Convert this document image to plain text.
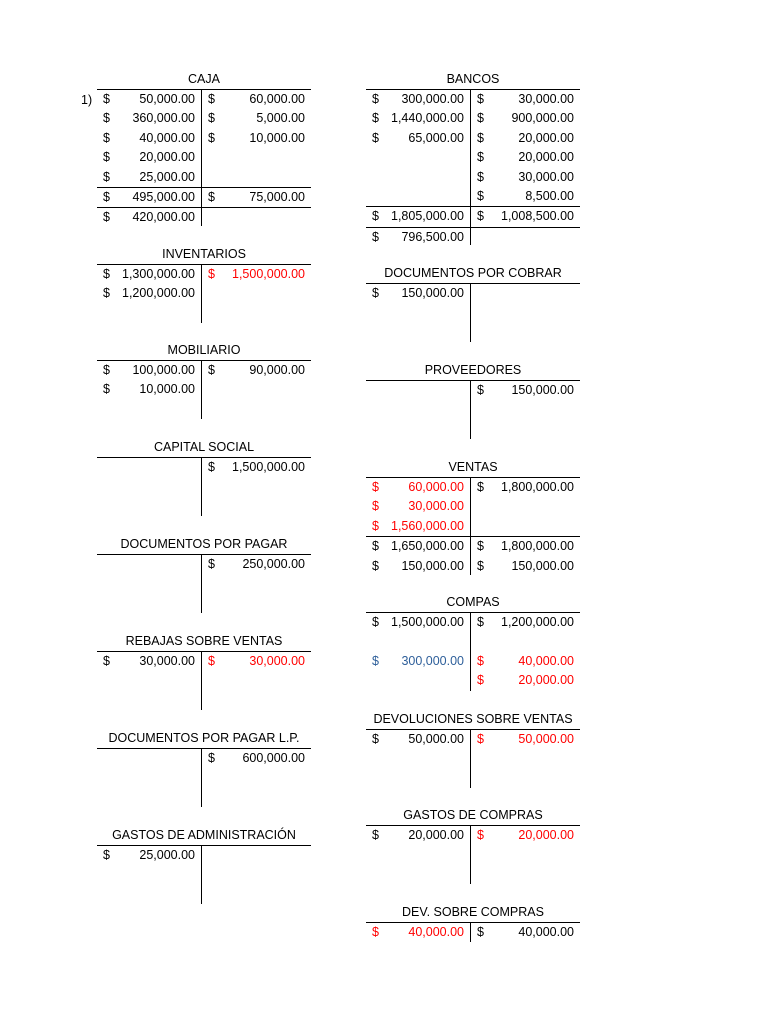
1)
CAJA
$ 50,000.00 $	60,000.00
$ 360,000.00 $	5,000.00
$ 40,000.00 $	10,000.00
$ 20,000.00
$ 25,000.00
$ 495,000.00 $	75,000.00
$ 420,000.00
INVENTARIOS
$ 1,300,000.00 $ 1,500,000.00
$ 1,200,000.00
MOBILIARIO
$ 100,000.00 $	90,000.00
$ 10,000.00
CAPITAL SOCIAL
$ 1,500,000.00
DOCUMENTOS POR PAGAR
$ 250,000.00
REBAJAS SOBRE VENTAS
$ 30,000.00 $	30,000.00
DOCUMENTOS POR PAGAR L.P.
$ 600,000.00
GASTOS DE ADMINISTRACIÓN
$ 25,000.00
BANCOS
$ 300,000.00 $	30,000.00
$ 1,440,000.00 $ 900,000.00
$ 65,000.00 $	20,000.00
$	20,000.00
$	30,000.00
$	8,500.00
$ 1,805,000.00 $ 1,008,500.00
$ 796,500.00
DOCUMENTOS POR COBRAR
$ 150,000.00
PROVEEDORES
$ 150,000.00
VENTAS
$ 60,000.00 $ 1,800,000.00
$ 30,000.00
$ 1,560,000.00
$ 1,650,000.00 $ 1,800,000.00
$ 150,000.00 $ 150,000.00
COMPAS
$ 1,500,000.00 $ 1,200,000.00
$ 300,000.00 $	40,000.00
$	20,000.00
DEVOLUCIONES SOBRE VENTAS
$ 50,000.00 $	50,000.00
GASTOS DE COMPRAS
$ 20,000.00 $	20,000.00
DEV. SOBRE COMPRAS
$ 40,000.00 $	40,000.00
